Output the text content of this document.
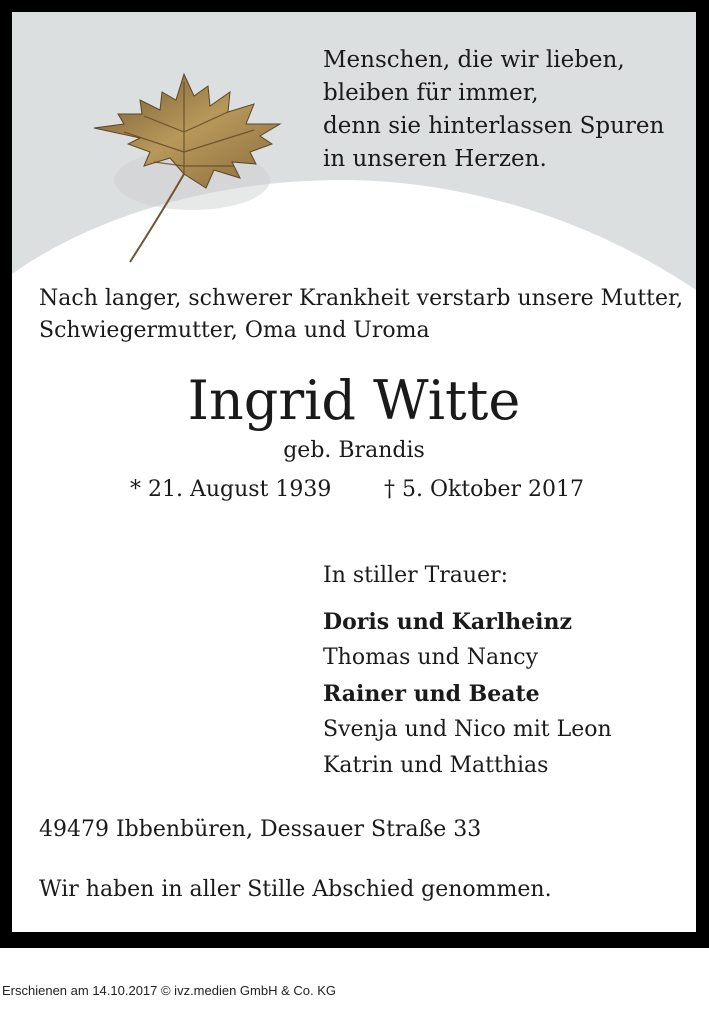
Menschen, die wir lieben,
bleiben für immer,
denn sie hinterlassen Spuren
in unseren Herzen.
Nach langer, schwerer Krankheit verstarb unsere Mutter,
Schwiegermutter, Oma und Uroma
Ingrid Witte
geb. Brandis
* 21. August 1939 † 5. Oktober 2017
In stiller Trauer:
Doris und Karlheinz
Thomas und Nancy
Rainer und Beate
Svenja und Nico mit Leon
Katrin und Matthias
49479 Ibbenbüren, Dessauer Straße 33
Wir haben in aller Stille Abschied genommen.
Erschienen am 14.10.2017 © ivz.medien GmbH & Co. KG
